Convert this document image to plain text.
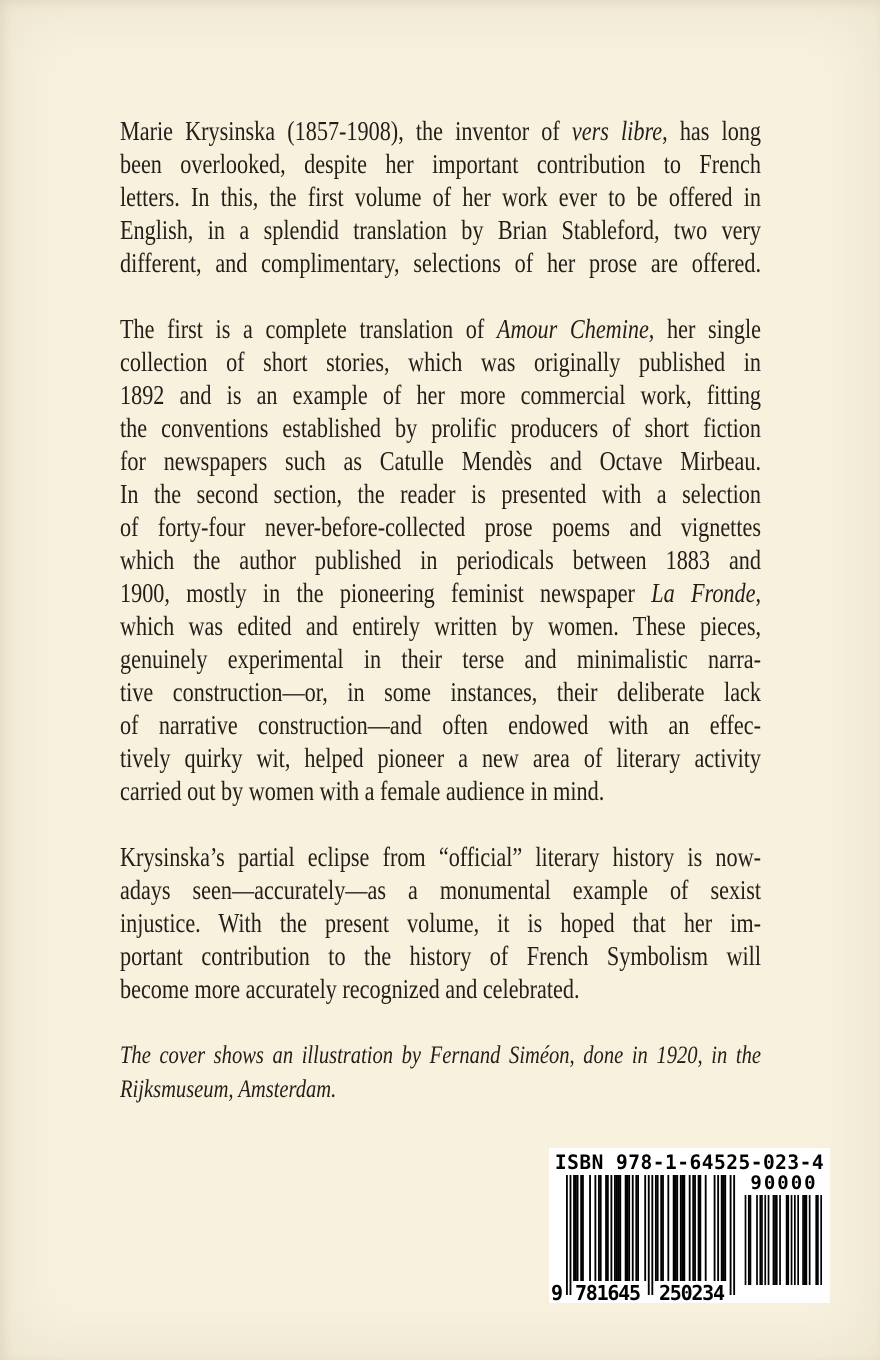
Marie Krysinska (1857-1908), the inventor of vers libre, has long
been overlooked, despite her important contribution to French
letters. In this, the first volume of her work ever to be offered in
English, in a splendid translation by Brian Stableford, two very
different, and complimentary, selections of her prose are offered.
The first is a complete translation of Amour Chemine, her single
collection of short stories, which was originally published in
1892 and is an example of her more commercial work, fitting
the conventions established by prolific producers of short fiction
for newspapers such as Catulle Mendès and Octave Mirbeau.
In the second section, the reader is presented with a selection
of forty-four never-before-collected prose poems and vignettes
which the author published in periodicals between 1883 and
1900, mostly in the pioneering feminist newspaper La Fronde,
which was edited and entirely written by women. These pieces,
genuinely experimental in their terse and minimalistic narra-
tive construction—or, in some instances, their deliberate lack
of narrative construction—and often endowed with an effec-
tively quirky wit, helped pioneer a new area of literary activity
carried out by women with a female audience in mind.
Krysinska’s partial eclipse from “official” literary history is now-
adays seen—accurately—as a monumental example of sexist
injustice. With the present volume, it is hoped that her im-
portant contribution to the history of French Symbolism will
become more accurately recognized and celebrated.
The cover shows an illustration by Fernand Siméon, done in 1920, in the
Rijksmuseum, Amsterdam.
ISBN 978-1-64525-023-4
9 781645 250234
90000
